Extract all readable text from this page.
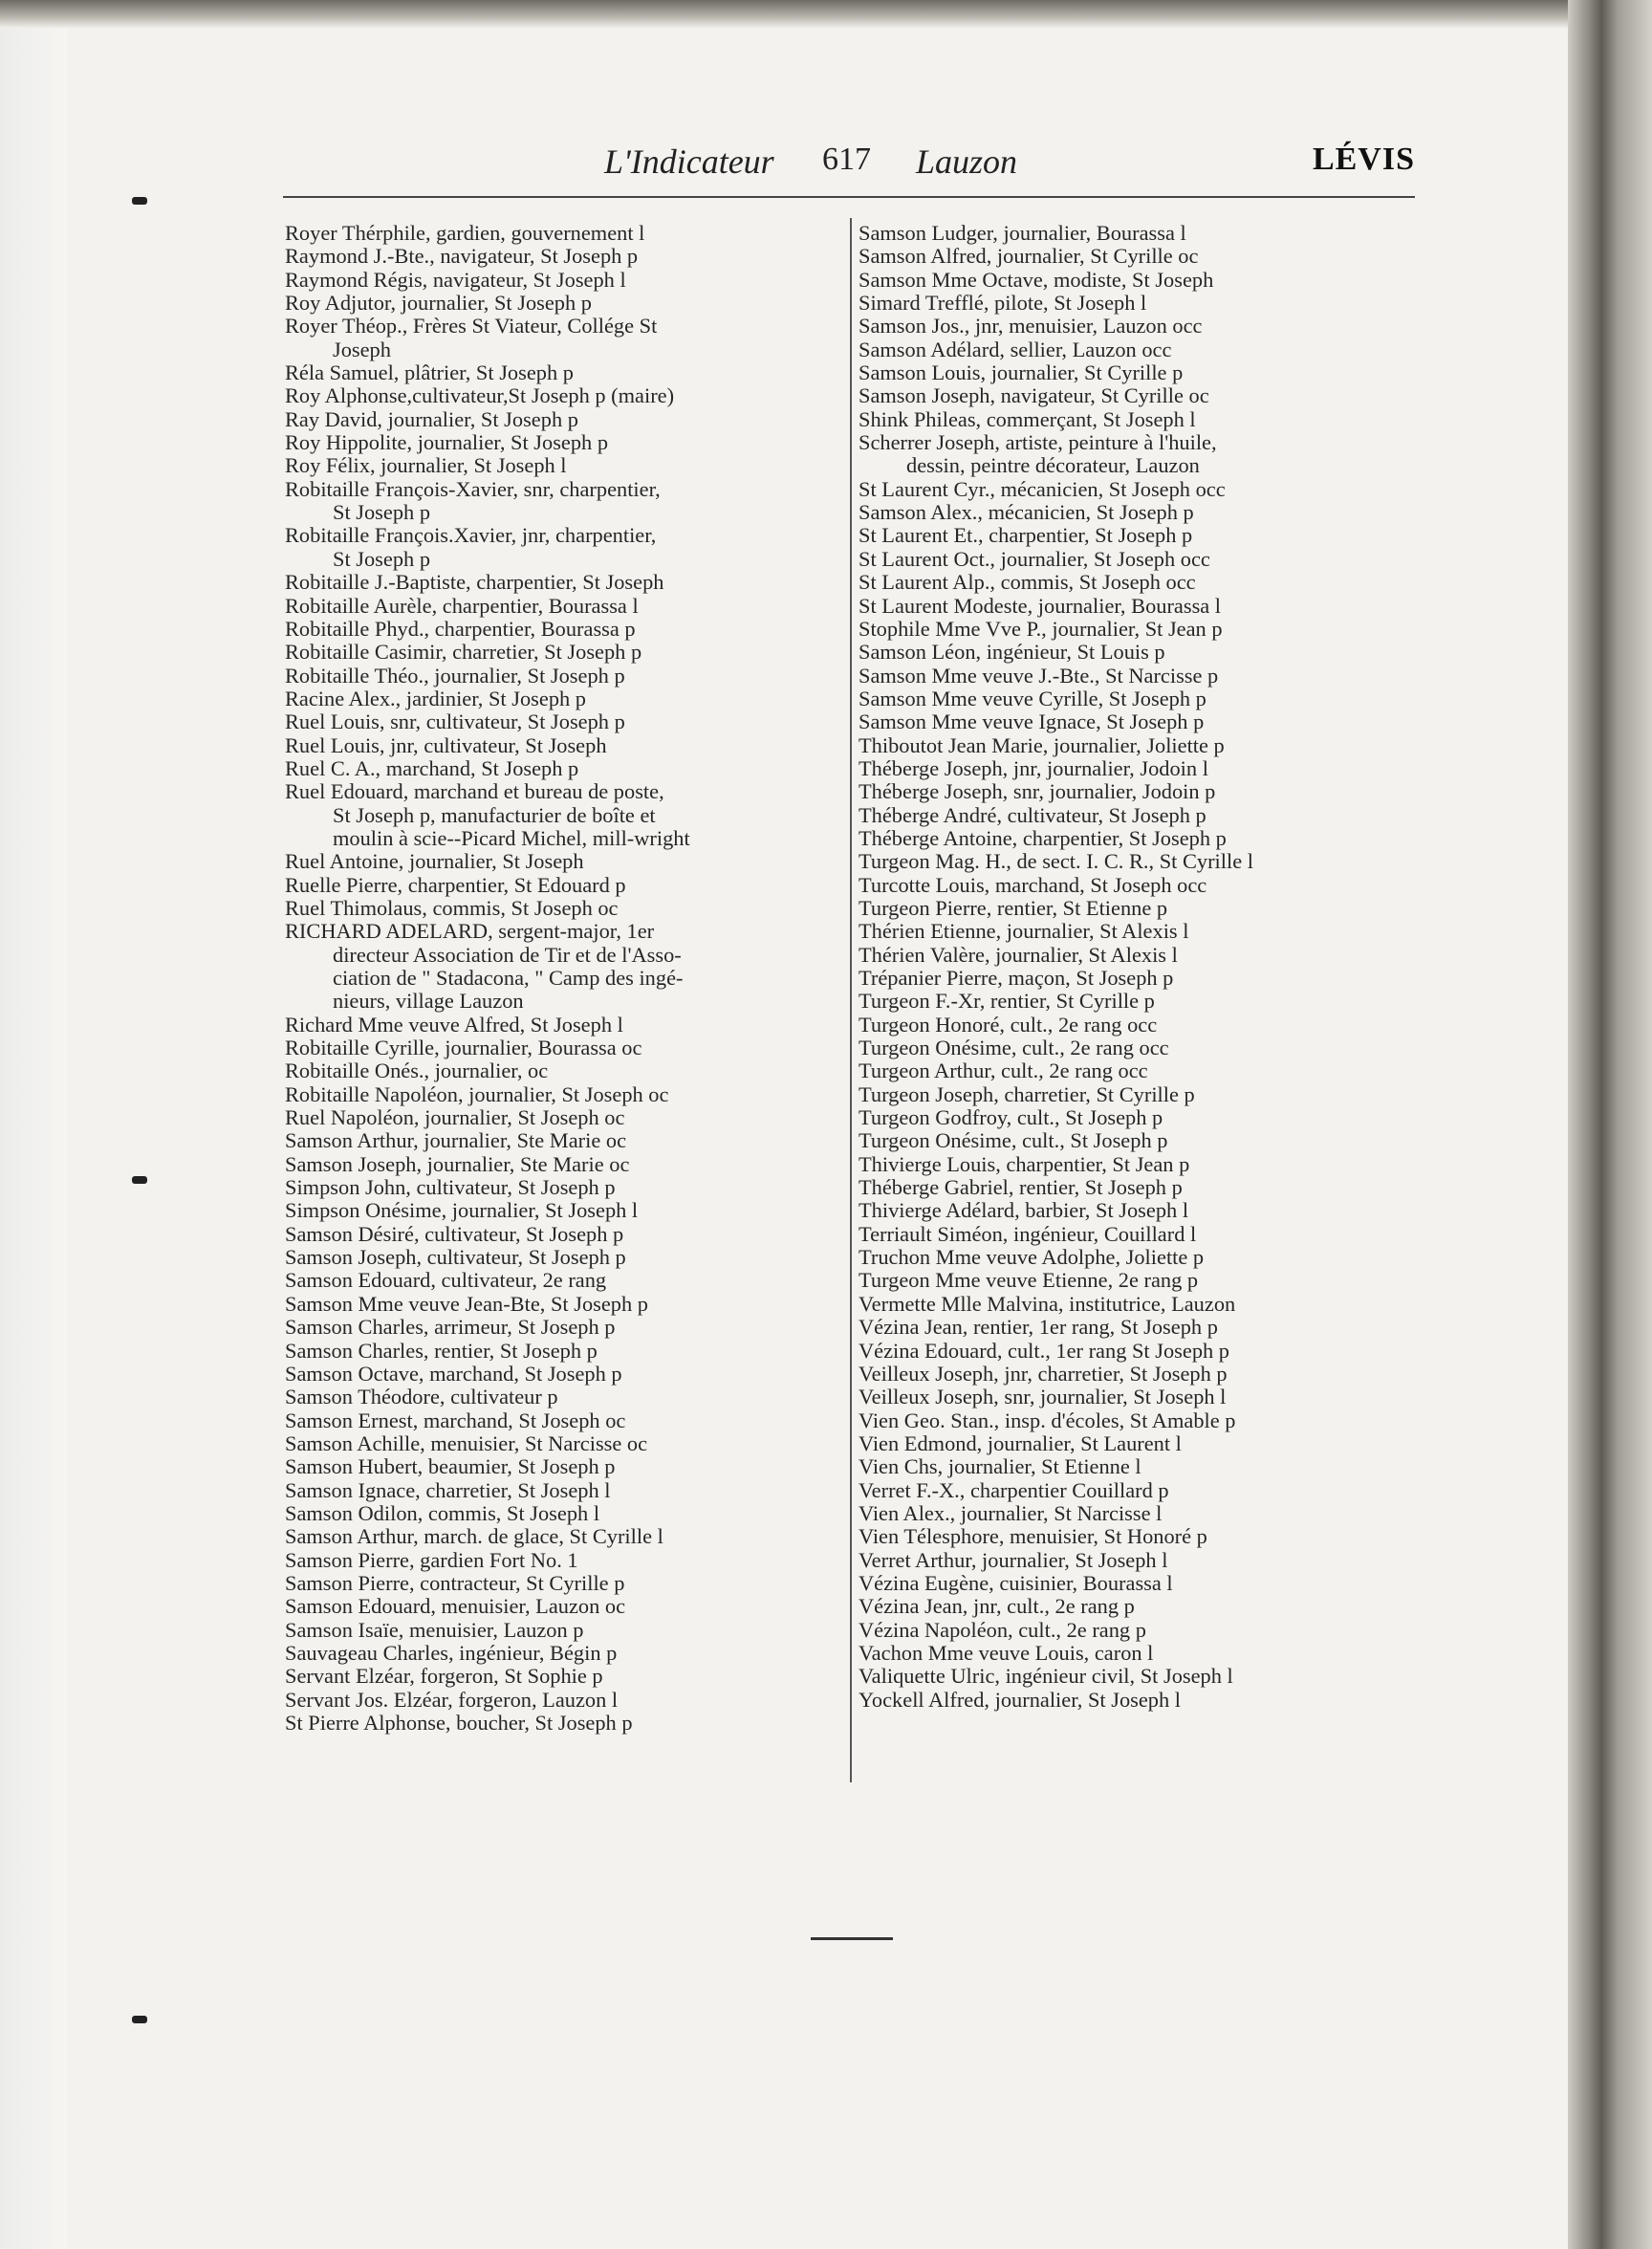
L'Indicateur 617 Lauzon	LÉVIS
Royer Thérphile, gardien, gouvernement l
Raymond J.-Bte., navigateur, St Joseph p
Raymond Régis, navigateur, St Joseph l
Roy Adjutor, journalier, St Joseph p
Royer Théop., Frères St Viateur, Collége St
Joseph
Réla Samuel, plâtrier, St Joseph p
Roy Alphonse,cultivateur,St Joseph p (maire)
Ray David, journalier, St Joseph p
Roy Hippolite, journalier, St Joseph p
Roy Félix, journalier, St Joseph l
Robitaille François-Xavier, snr, charpentier,
St Joseph p
Robitaille François.Xavier, jnr, charpentier,
St Joseph p
Robitaille J.-Baptiste, charpentier, St Joseph
Robitaille Aurèle, charpentier, Bourassa l
Robitaille Phyd., charpentier, Bourassa p
Robitaille Casimir, charretier, St Joseph p
Robitaille Théo., journalier, St Joseph p
Racine Alex., jardinier, St Joseph p
Ruel Louis, snr, cultivateur, St Joseph p
Ruel Louis, jnr, cultivateur, St Joseph
Ruel C. A., marchand, St Joseph p
Ruel Edouard, marchand et bureau de poste,
St Joseph p, manufacturier de boîte et
moulin à scie--Picard Michel, mill-wright
Ruel Antoine, journalier, St Joseph
Ruelle Pierre, charpentier, St Edouard p
Ruel Thimolaus, commis, St Joseph oc
RICHARD ADELARD, sergent-major, 1er
directeur Association de Tir et de l'Asso-
ciation de " Stadacona, " Camp des ingé-
nieurs, village Lauzon
Richard Mme veuve Alfred, St Joseph l
Robitaille Cyrille, journalier, Bourassa oc
Robitaille Onés., journalier, oc
Robitaille Napoléon, journalier, St Joseph oc
Ruel Napoléon, journalier, St Joseph oc
Samson Arthur, journalier, Ste Marie oc
Samson Joseph, journalier, Ste Marie oc
Simpson John, cultivateur, St Joseph p
Simpson Onésime, journalier, St Joseph l
Samson Désiré, cultivateur, St Joseph p
Samson Joseph, cultivateur, St Joseph p
Samson Edouard, cultivateur, 2e rang
Samson Mme veuve Jean-Bte, St Joseph p
Samson Charles, arrimeur, St Joseph p
Samson Charles, rentier, St Joseph p
Samson Octave, marchand, St Joseph p
Samson Théodore, cultivateur p
Samson Ernest, marchand, St Joseph oc
Samson Achille, menuisier, St Narcisse oc
Samson Hubert, beaumier, St Joseph p
Samson Ignace, charretier, St Joseph l
Samson Odilon, commis, St Joseph l
Samson Arthur, march. de glace, St Cyrille l
Samson Pierre, gardien Fort No. 1
Samson Pierre, contracteur, St Cyrille p
Samson Edouard, menuisier, Lauzon oc
Samson Isaïe, menuisier, Lauzon p
Sauvageau Charles, ingénieur, Bégin p
Servant Elzéar, forgeron, St Sophie p
Servant Jos. Elzéar, forgeron, Lauzon l
St Pierre Alphonse, boucher, St Joseph p
Samson Ludger, journalier, Bourassa l
Samson Alfred, journalier, St Cyrille oc
Samson Mme Octave, modiste, St Joseph
Simard Trefflé, pilote, St Joseph l
Samson Jos., jnr, menuisier, Lauzon occ
Samson Adélard, sellier, Lauzon occ
Samson Louis, journalier, St Cyrille p
Samson Joseph, navigateur, St Cyrille oc
Shink Phileas, commerçant, St Joseph l
Scherrer Joseph, artiste, peinture à l'huile,
dessin, peintre décorateur, Lauzon
St Laurent Cyr., mécanicien, St Joseph occ
Samson Alex., mécanicien, St Joseph p
St Laurent Et., charpentier, St Joseph p
St Laurent Oct., journalier, St Joseph occ
St Laurent Alp., commis, St Joseph occ
St Laurent Modeste, journalier, Bourassa l
Stophile Mme Vve P., journalier, St Jean p
Samson Léon, ingénieur, St Louis p
Samson Mme veuve J.-Bte., St Narcisse p
Samson Mme veuve Cyrille, St Joseph p
Samson Mme veuve Ignace, St Joseph p
Thiboutot Jean Marie, journalier, Joliette p
Théberge Joseph, jnr, journalier, Jodoin l
Théberge Joseph, snr, journalier, Jodoin p
Théberge André, cultivateur, St Joseph p
Théberge Antoine, charpentier, St Joseph p
Turgeon Mag. H., de sect. I. C. R., St Cyrille l
Turcotte Louis, marchand, St Joseph occ
Turgeon Pierre, rentier, St Etienne p
Thérien Etienne, journalier, St Alexis l
Thérien Valère, journalier, St Alexis l
Trépanier Pierre, maçon, St Joseph p
Turgeon F.-Xr, rentier, St Cyrille p
Turgeon Honoré, cult., 2e rang occ
Turgeon Onésime, cult., 2e rang occ
Turgeon Arthur, cult., 2e rang occ
Turgeon Joseph, charretier, St Cyrille p
Turgeon Godfroy, cult., St Joseph p
Turgeon Onésime, cult., St Joseph p
Thivierge Louis, charpentier, St Jean p
Théberge Gabriel, rentier, St Joseph p
Thivierge Adélard, barbier, St Joseph l
Terriault Siméon, ingénieur, Couillard l
Truchon Mme veuve Adolphe, Joliette p
Turgeon Mme veuve Etienne, 2e rang p
Vermette Mlle Malvina, institutrice, Lauzon
Vézina Jean, rentier, 1er rang, St Joseph p
Vézina Edouard, cult., 1er rang St Joseph p
Veilleux Joseph, jnr, charretier, St Joseph p
Veilleux Joseph, snr, journalier, St Joseph l
Vien Geo. Stan., insp. d'écoles, St Amable p
Vien Edmond, journalier, St Laurent l
Vien Chs, journalier, St Etienne l
Verret F.-X., charpentier Couillard p
Vien Alex., journalier, St Narcisse l
Vien Télesphore, menuisier, St Honoré p
Verret Arthur, journalier, St Joseph l
Vézina Eugène, cuisinier, Bourassa l
Vézina Jean, jnr, cult., 2e rang p
Vézina Napoléon, cult., 2e rang p
Vachon Mme veuve Louis, caron l
Valiquette Ulric, ingénieur civil, St Joseph l
Yockell Alfred, journalier, St Joseph l
